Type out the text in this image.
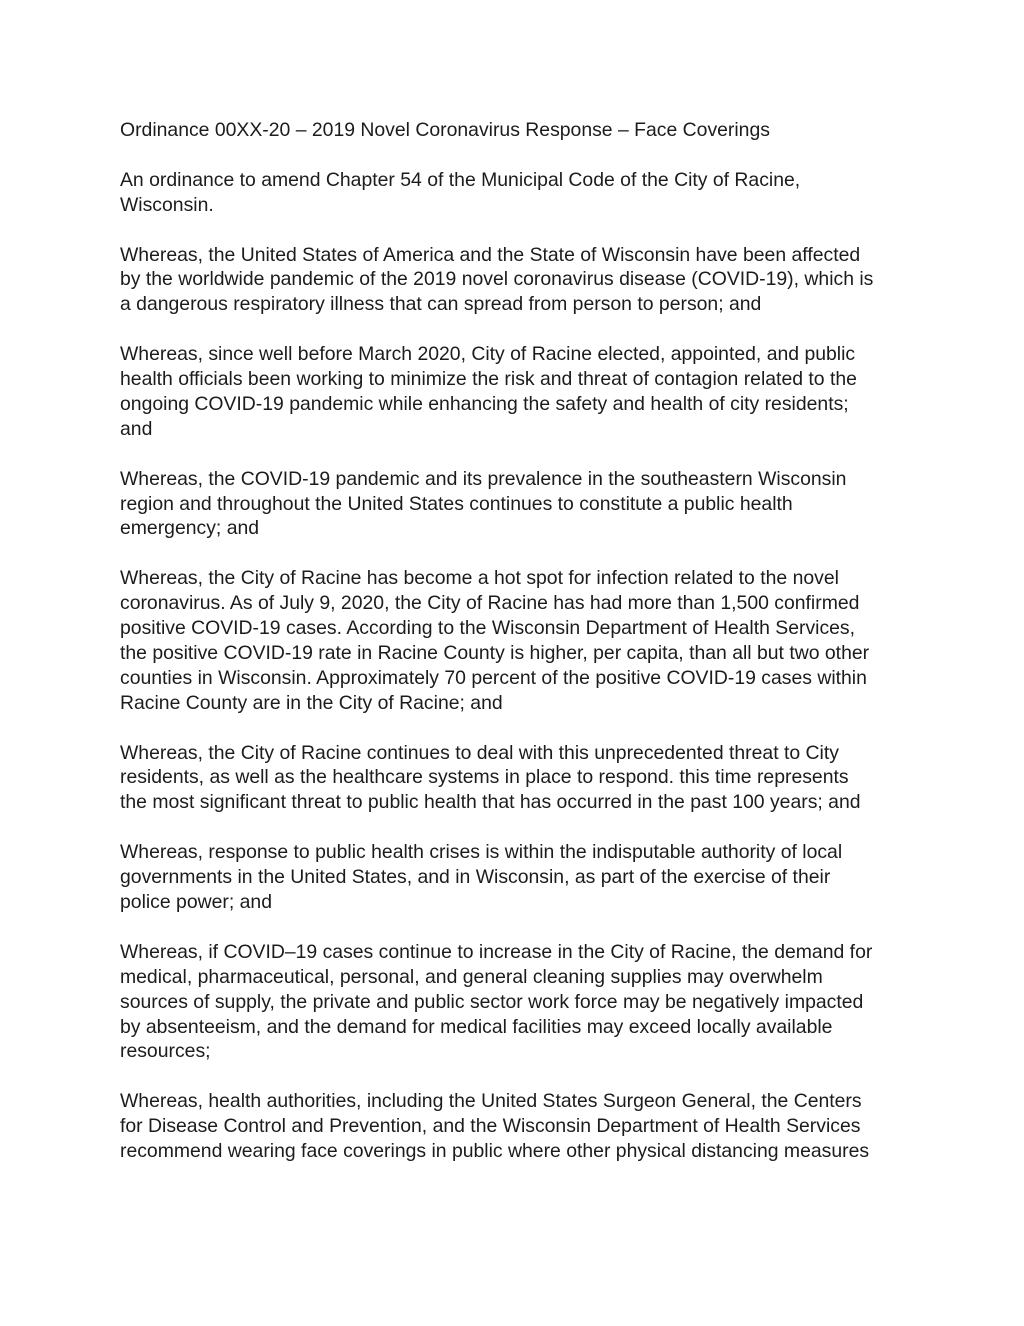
Ordinance 00XX-20 – 2019 Novel Coronavirus Response – Face Coverings

An ordinance to amend Chapter 54 of the Municipal Code of the City of Racine,
Wisconsin.

Whereas, the United States of America and the State of Wisconsin have been affected
by the worldwide pandemic of the 2019 novel coronavirus disease (COVID-19), which is
a dangerous respiratory illness that can spread from person to person; and

Whereas, since well before March 2020, City of Racine elected, appointed, and public
health officials been working to minimize the risk and threat of contagion related to the
ongoing COVID-19 pandemic while enhancing the safety and health of city residents;
and

Whereas, the COVID-19 pandemic and its prevalence in the southeastern Wisconsin
region and throughout the United States continues to constitute a public health
emergency; and

Whereas, the City of Racine has become a hot spot for infection related to the novel
coronavirus. As of July 9, 2020, the City of Racine has had more than 1,500 confirmed
positive COVID-19 cases. According to the Wisconsin Department of Health Services,
the positive COVID-19 rate in Racine County is higher, per capita, than all but two other
counties in Wisconsin. Approximately 70 percent of the positive COVID-19 cases within
Racine County are in the City of Racine; and

Whereas, the City of Racine continues to deal with this unprecedented threat to City
residents, as well as the healthcare systems in place to respond. this time represents
the most significant threat to public health that has occurred in the past 100 years; and

Whereas, response to public health crises is within the indisputable authority of local
governments in the United States, and in Wisconsin, as part of the exercise of their
police power; and

Whereas, if COVID–19 cases continue to increase in the City of Racine, the demand for
medical, pharmaceutical, personal, and general cleaning supplies may overwhelm
sources of supply, the private and public sector work force may be negatively impacted
by absenteeism, and the demand for medical facilities may exceed locally available
resources;

Whereas, health authorities, including the United States Surgeon General, the Centers
for Disease Control and Prevention, and the Wisconsin Department of Health Services
recommend wearing face coverings in public where other physical distancing measures
